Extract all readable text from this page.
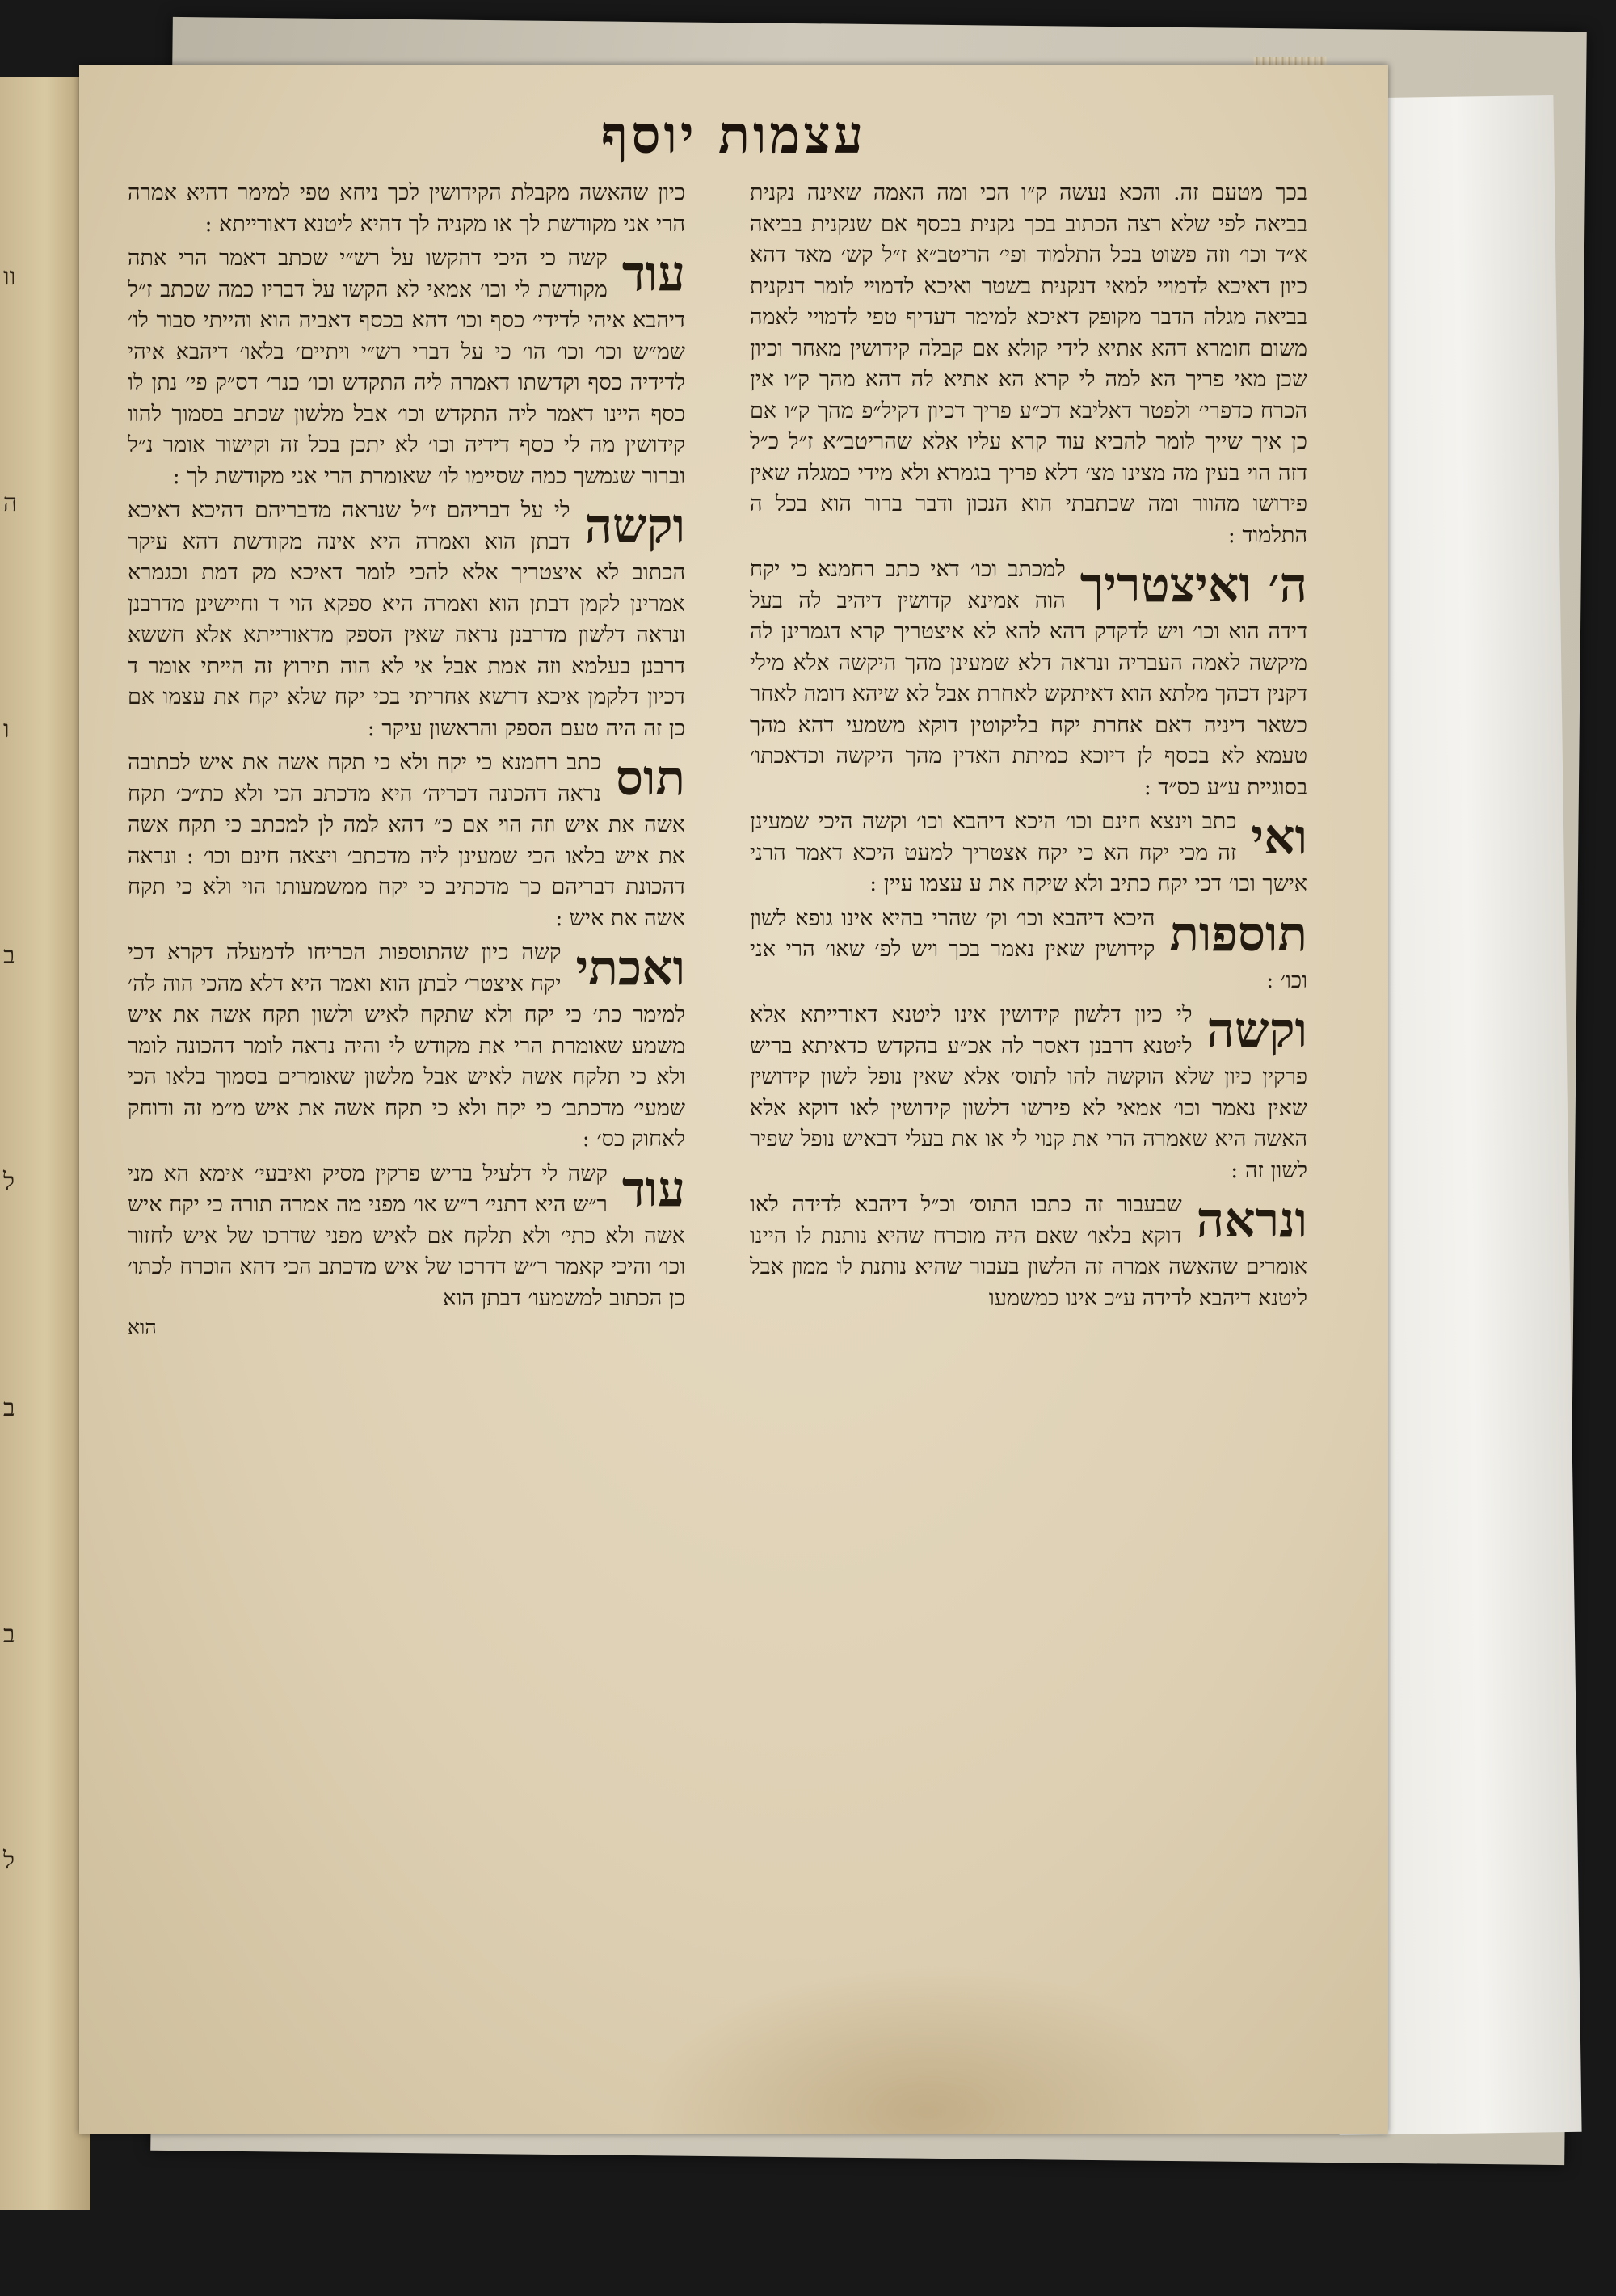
וו
ה
ו
ב
ל
ב
ב
ל
עצמות יוסף

בכך מטעם זה. והכא נעשה ק״ו הכי ומה האמה שאינה נקנית בביאה לפי שלא רצה הכתוב בכך נקנית בכסף אם שנקנית בביאה א״ד וכו׳ וזה פשוט בכל התלמוד ופי׳ הריטב״א ז״ל קש׳ מאד דהא כיון דאיכא לדמויי למאי דנקנית בשטר ואיכא לדמויי לומר דנקנית בביאה מגלה הדבר מקופק דאיכא למימר דעדיף טפי לדמויי לאמה משום חומרא דהא אתיא לידי קולא אם קבלה קידושין מאחר וכיון שכן מאי פריך הא למה לי קרא הא אתיא לה דהא מהך ק״ו אין הכרח כדפרי׳ ולפטר דאליבא דכ״ע פריך דכיון דקיל״פ מהך ק״ו אם כן איך שייך לומר להביא עוד קרא עליו אלא שהריטב״א ז״ל כ״ל דזה הוי בעין מה מצינו מצ׳ דלא פריך בגמרא ולא מידי כמגלה שאין פירושו מהוור ומה שכתבתי הוא הנכון ודבר ברור הוא בכל ה התלמוד :

ה׳ ואיצטריך

למכתב וכו׳ דאי כתב רחמנא כי יקח הוה אמינא קדושין דיהיב לה בעל דידה הוא וכו׳ ויש לדקדק דהא להא לא איצטריך קרא דגמרינן לה מיקשה לאמה העבריה ונראה דלא שמעינן מהך היקשה אלא מילי דקנין דכהך מלתא הוא דאיתקש לאחרת אבל לא שיהא דומה לאחר כשאר דיניה דאם אחרת יקח בליקוטין דוקא משמעי דהא מהך טעמא לא בכסף לן דיוכא כמיתת האדין מהך היקשה וכדאכתו׳ בסוגיית ע״ע כס״ד :

ואי

כתב וינצא חינם וכו׳ היכא דיהבא וכו׳ וקשה היכי שמעינן זה מכי יקח הא כי יקח אצטריך למעט היכא דאמר הרני אישך וכו׳ דכי יקח כתיב ולא שיקח את ע עצמו עיין :

תוספות

היכא דיהבא וכו׳ וק׳ שהרי בהיא אינו גופא לשון קידושין שאין נאמר בכך ויש לפ׳ שאו׳ הרי אני וכו׳ :

וקשה

לי כיון דלשון קידושין אינו ליטנא דאורייתא אלא ליטנא דרבנן דאסר לה אכ״ע בהקדש כדאיתא בריש פרקין כיון שלא הוקשה להו לתוס׳ אלא שאין נופל לשון קידושין שאין נאמר וכו׳ אמאי לא פירשו דלשון קידושין לאו דוקא אלא האשה היא שאמרה הרי את קנוי לי או את בעלי דבאיש נופל שפיר לשון זה :

ונראה

שבעבור זה כתבו התוס׳ וכ״ל דיהבא לדידה לאו דוקא בלאו׳ שאם היה מוכרח שהיא נותנת לו היינו אומרים שהאשה אמרה זה הלשון בעבור שהיא נותנת לו ממון אבל ליטנא דיהבא לדידה ע״כ אינו כמשמעו

כיון שהאשה מקבלת הקידושין לכך ניחא טפי למימר דהיא אמרה הרי אני מקודשת לך או מקניה לך דהיא ליטנא דאורייתא :

עוד

קשה כי היכי דהקשו על רש״י שכתב דאמר הרי אתה מקודשת לי וכו׳ אמאי לא הקשו על דבריו כמה שכתב ז״ל דיהבא איהי לדידי׳ כסף וכו׳ דהא בכסף דאביה הוא והייתי סבור לו׳ שמ״ש וכו׳ וכו׳ הו׳ כי על דברי רש״י ויתיים׳ בלאו׳ דיהבא איהי לדידיה כסף וקדשתו דאמרה ליה התקדש וכו׳ כנר׳ דס״ק פי׳ נתן לו כסף היינו דאמר ליה התקדש וכו׳ אבל מלשון שכתב בסמוך להוו קידושין מה לי כסף דידיה וכו׳ לא יתכן בכל זה וקישור אומר נ״ל וברור שנמשך כמה שסיימו לו׳ שאומרת הרי אני מקודשת לך :

וקשה

לי על דבריהם ז״ל שנראה מדבריהם דהיכא דאיכא דבתן הוא ואמרה היא אינה מקודשת דהא עיקר הכתוב לא איצטריך אלא להכי לומר דאיכא מק דמת וכגמרא אמרינן לקמן דבתן הוא ואמרה היא ספקא הוי ד וחיישינן מדרבנן ונראה דלשון מדרבנן נראה שאין הספק מדאורייתא אלא חששא דרבנן בעלמא וזה אמת אבל אי לא הוה תירוץ זה הייתי אומר ד דכיון דלקמן איכא דרשא אחריתי בכי יקח שלא יקח את עצמו אם כן זה היה טעם הספק והראשון עיקר :

תוס

כתב רחמנא כי יקח ולא כי תקח אשה את איש לכתובה נראה דהכונה דכריה׳ היא מדכתב הכי ולא כת״כ׳ תקח אשה את איש וזה הוי אם כ״ דהא למה לן למכתב כי תקח אשה את איש בלאו הכי שמעינן ליה מדכתב׳ ויצאה חינם וכו׳ : ונראה דהכונת דבריהם כך מדכתיב כי יקח ממשמעותו הוי ולא כי תקח אשה את איש :

ואכתי

קשה כיון שהתוספות הכריחו לדמעלה דקרא דכי יקח איצטר׳ לבתן הוא ואמר היא דלא מהכי הוה לה׳ למימר כת׳ כי יקח ולא שתקח לאיש ולשון תקח אשה את איש משמע שאומרת הרי את מקודש לי והיה נראה לומר דהכונה לומר ולא כי תלקח אשה לאיש אבל מלשון שאומרים בסמוך בלאו הכי שמעי׳ מדכתב׳ כי יקח ולא כי תקח אשה את איש מ״מ זה ודוחק לאחוק כס׳ :

עוד

קשה לי דלעיל בריש פרקין מסיק ואיבעי׳ אימא הא מני ר״ש היא דתני׳ ר״ש או׳ מפני מה אמרה תורה כי יקח איש אשה ולא כתי׳ ולא תלקח אם לאיש מפני שדרכו של איש לחזור וכו׳ והיכי קאמר ר״ש דדרכו של איש מדכתב הכי דהא הוכרח לכתו׳ כן הכתוב למשמעו׳ דבתן הוא

הוא
